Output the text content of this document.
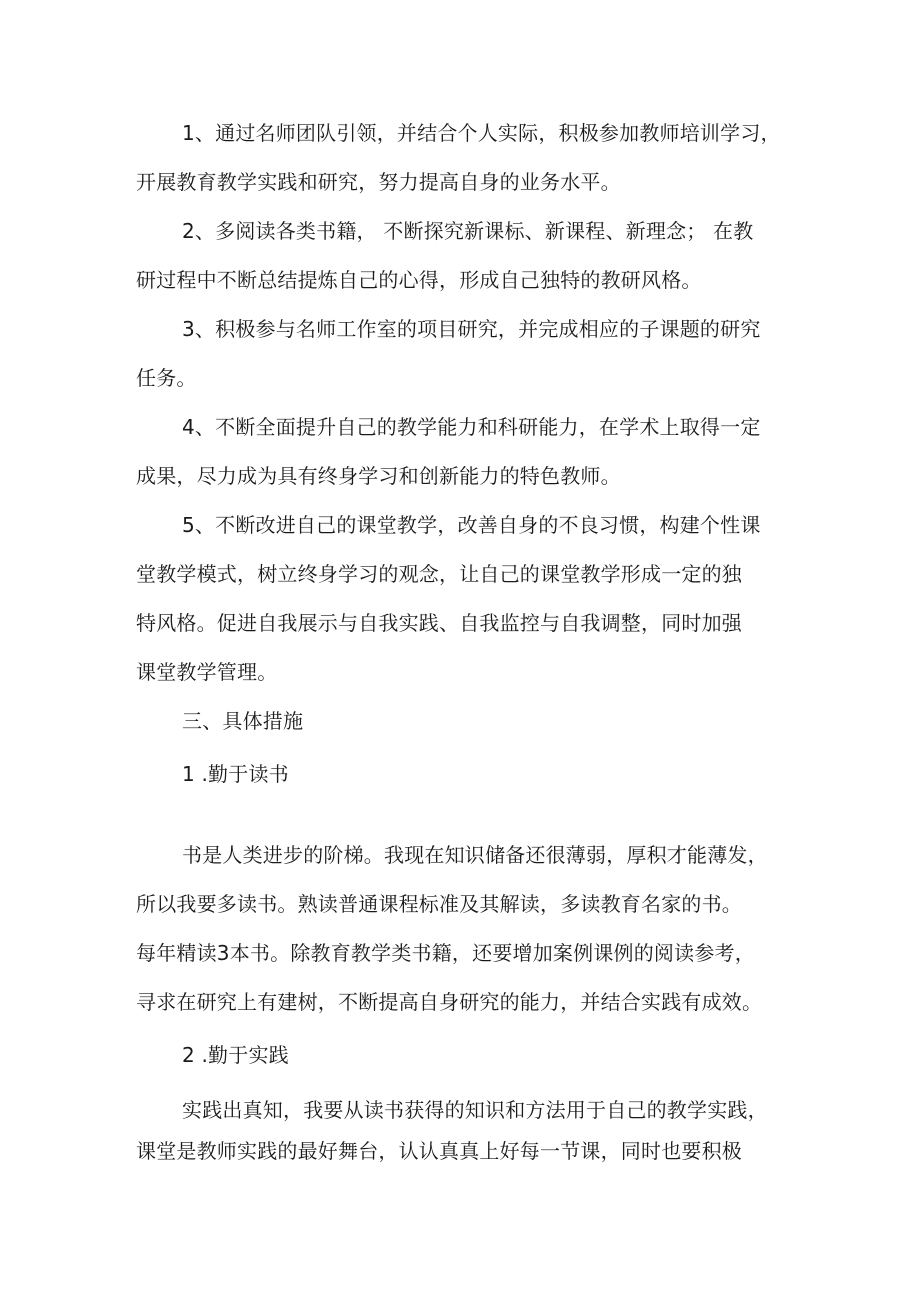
1、通过名师团队引领，并结合个人实际，积极参加教师培训学习，

开展教育教学实践和研究，努力提高自身的业务水平。

2、多阅读各类书籍， 不断探究新课标、新课程、新理念； 在教

研过程中不断总结提炼自己的心得，形成自己独特的教研风格。

3、积极参与名师工作室的项目研究，并完成相应的子课题的研究

任务。

4、不断全面提升自己的教学能力和科研能力，在学术上取得一定

成果，尽力成为具有终身学习和创新能力的特色教师。

5、不断改进自己的课堂教学，改善自身的不良习惯，构建个性课

堂教学模式，树立终身学习的观念，让自己的课堂教学形成一定的独

特风格。促进自我展示与自我实践、自我监控与自我调整，同时加强

课堂教学管理。

三、具体措施

1 .勤于读书

书是人类进步的阶梯。我现在知识储备还很薄弱，厚积才能薄发，

所以我要多读书。熟读普通课程标准及其解读，多读教育名家的书。

每年精读3本书。除教育教学类书籍，还要增加案例课例的阅读参考，

寻求在研究上有建树，不断提高自身研究的能力，并结合实践有成效。

2 .勤于实践

实践出真知，我要从读书获得的知识和方法用于自己的教学实践，

课堂是教师实践的最好舞台，认认真真上好每一节课，同时也要积极
